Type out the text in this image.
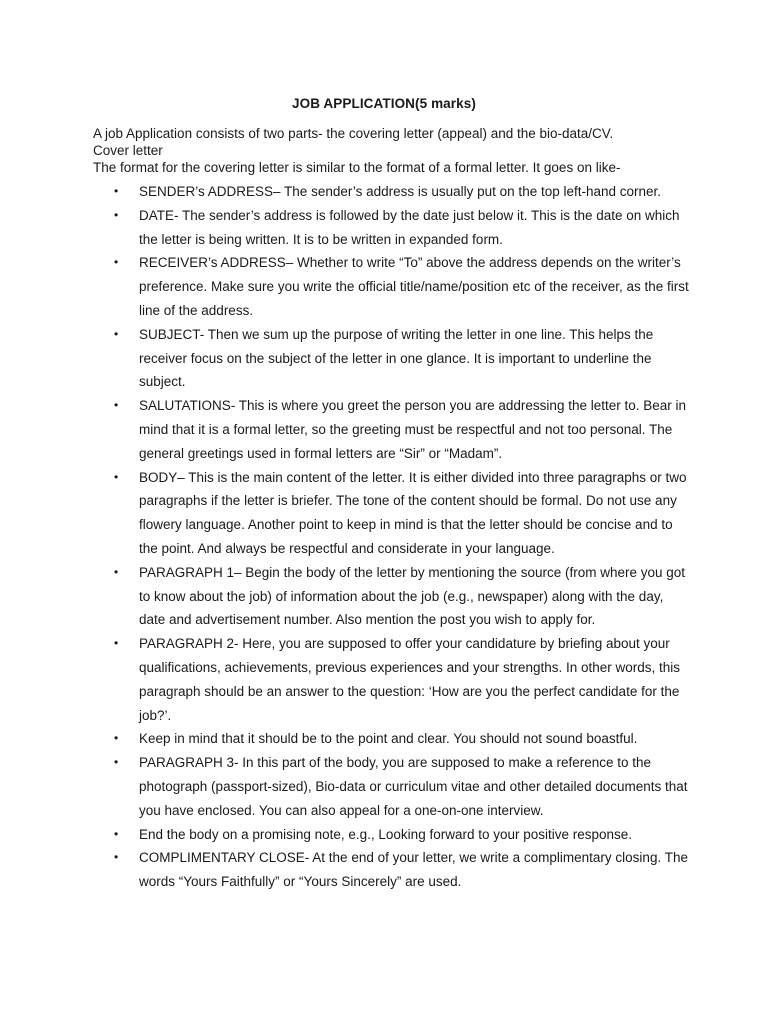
JOB APPLICATION(5 marks)

A job Application consists of two parts- the covering letter (appeal) and the bio-data/CV.

Cover letter

The format for the covering letter is similar to the format of a formal letter. It goes on like-

• SENDER’s ADDRESS– The sender’s address is usually put on the top left-hand corner.
• DATE- The sender’s address is followed by the date just below it. This is the date on which the letter is being written. It is to be written in expanded form.
• RECEIVER’s ADDRESS– Whether to write “To” above the address depends on the writer’s preference. Make sure you write the official title/name/position etc of the receiver, as the first line of the address.
• SUBJECT- Then we sum up the purpose of writing the letter in one line. This helps the receiver focus on the subject of the letter in one glance. It is important to underline the subject.
• SALUTATIONS- This is where you greet the person you are addressing the letter to. Bear in mind that it is a formal letter, so the greeting must be respectful and not too personal. The general greetings used in formal letters are “Sir” or “Madam”.
• BODY– This is the main content of the letter. It is either divided into three paragraphs or two paragraphs if the letter is briefer. The tone of the content should be formal. Do not use any flowery language. Another point to keep in mind is that the letter should be concise and to the point. And always be respectful and considerate in your language.
• PARAGRAPH 1– Begin the body of the letter by mentioning the source (from where you got to know about the job) of information about the job (e.g., newspaper) along with the day, date and advertisement number. Also mention the post you wish to apply for.
• PARAGRAPH 2- Here, you are supposed to offer your candidature by briefing about your qualifications, achievements, previous experiences and your strengths. In other words, this paragraph should be an answer to the question: ‘How are you the perfect candidate for the job?’.
• Keep in mind that it should be to the point and clear. You should not sound boastful.
• PARAGRAPH 3- In this part of the body, you are supposed to make a reference to the photograph (passport-sized), Bio-data or curriculum vitae and other detailed documents that you have enclosed. You can also appeal for a one-on-one interview.
• End the body on a promising note, e.g., Looking forward to your positive response.
• COMPLIMENTARY CLOSE- At the end of your letter, we write a complimentary closing. The words “Yours Faithfully” or “Yours Sincerely” are used.
